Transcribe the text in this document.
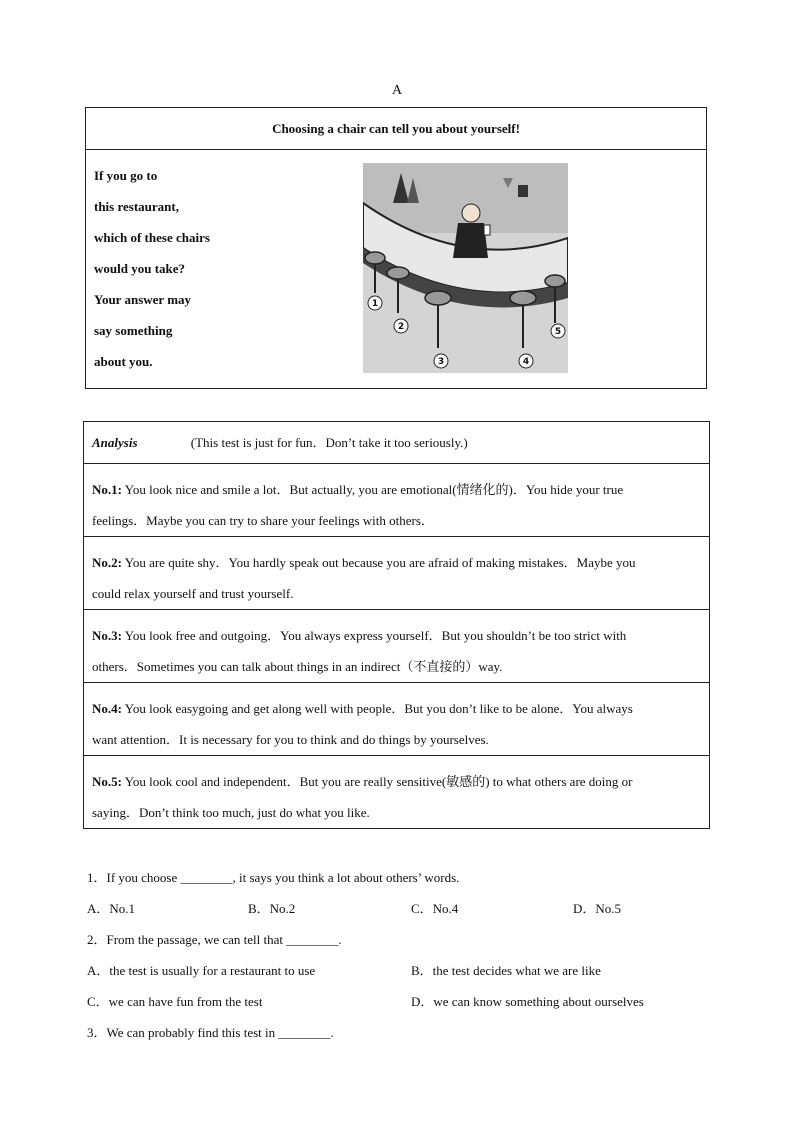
A
Choosing a chair can tell you about yourself!
If you go to
this restaurant,
which of these chairs
would you take?
Your answer may
say something
about you.
1
2
3	4
5
Analysis	(This test is just for fun．Don’t take it too seriously.)
No.1: You look nice and smile a lot．But actually, you are emotional(情绪化的)．You hide your true
feelings．Maybe you can try to share your feelings with others．
No.2: You are quite shy．You hardly speak out because you are afraid of making mistakes．Maybe you
could relax yourself and trust yourself.
No.3: You look free and outgoing．You always express yourself．But you shouldn’t be too strict with
others．Sometimes you can talk about things in an indirect（不直接的）way.
No.4: You look easygoing and get along well with people．But you don’t like to be alone．You always
want attention．It is necessary for you to think and do things by yourselves.
No.5: You look cool and independent．But you are really sensitive(敏感的) to what others are doing or
saying．Don’t think too much, just do what you like.
1．If you choose ________, it says you think a lot about others’ words.
A．No.1	B．No.2	C．No.4	D．No.5
2．From the passage, we can tell that ________.
A．the test is usually for a restaurant to use	B．the test decides what we are like
C．we can have fun from the test	D．we can know something about ourselves
3．We can probably find this test in ________.
